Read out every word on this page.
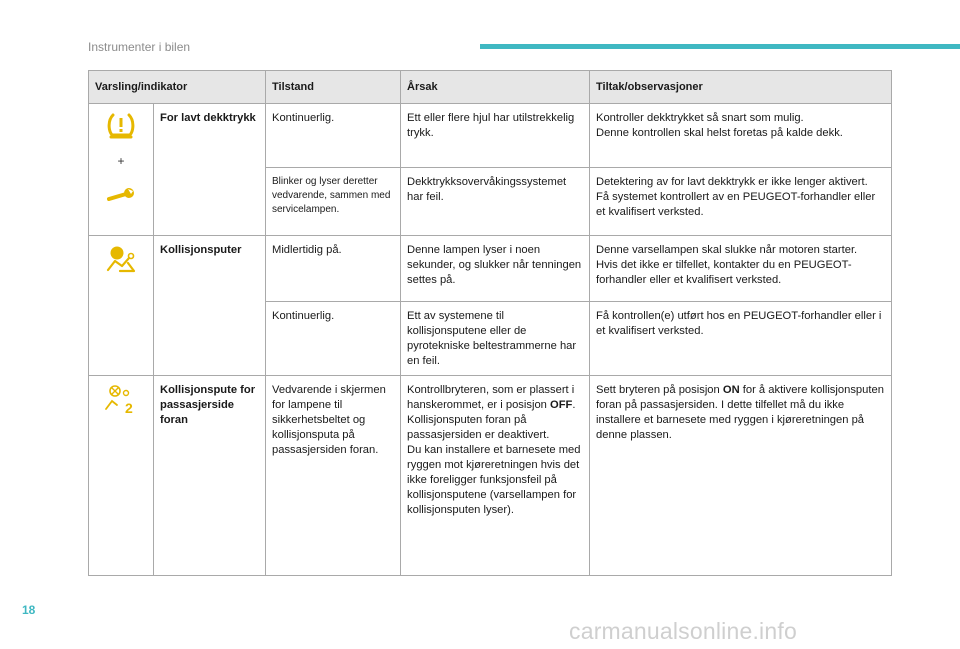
Instrumenter i bilen
Varsling/indikator		Tilstand	Årsak	Tiltak/observasjoner

+	For lavt dekktrykk	Kontinuerlig.	Ett eller flere hjul har utilstrekkelig trykk.	Kontroller dekktrykket så snart som mulig.
Denne kontrollen skal helst foretas på kalde dekk.

		Blinker og lyser deretter vedvarende, sammen med servicelampen.	Dekktrykksovervåkingssystemet har feil.	Detektering av for lavt dekktrykk er ikke lenger aktivert.
Få systemet kontrollert av en PEUGEOT-forhandler eller et kvalifisert verksted.

	Kollisjonsputer	Midlertidig på.	Denne lampen lyser i noen sekunder, og slukker når tenningen settes på.	Denne varsellampen skal slukke når motoren starter.
Hvis det ikke er tilfellet, kontakter du en PEUGEOT-forhandler eller et kvalifisert verksted.

		Kontinuerlig.	Ett av systemene til kollisjonsputene eller de pyrotekniske beltestrammerne har en feil.	Få kontrollen(e) utført hos en PEUGEOT-forhandler eller i et kvalifisert verksted.

2	Kollisjonspute for passasjerside foran	Vedvarende i skjermen for lampene til sikkerhetsbeltet og kollisjonsputa på passasjersiden foran.	Kontrollbryteren, som er plassert i hanskerommet, er i posisjon OFF.
Kollisjonsputen foran på passasjersiden er deaktivert.
Du kan installere et barnesete med ryggen mot kjøreretningen hvis det ikke foreligger funksjonsfeil på kollisjonsputene (varsellampen for kollisjonsputen lyser).	Sett bryteren på posisjon ON for å aktivere kollisjonsputen foran på passasjersiden. I dette tilfellet må du ikke installere et barnesete med ryggen i kjøreretningen på denne plassen.
18
carmanualsonline.info
